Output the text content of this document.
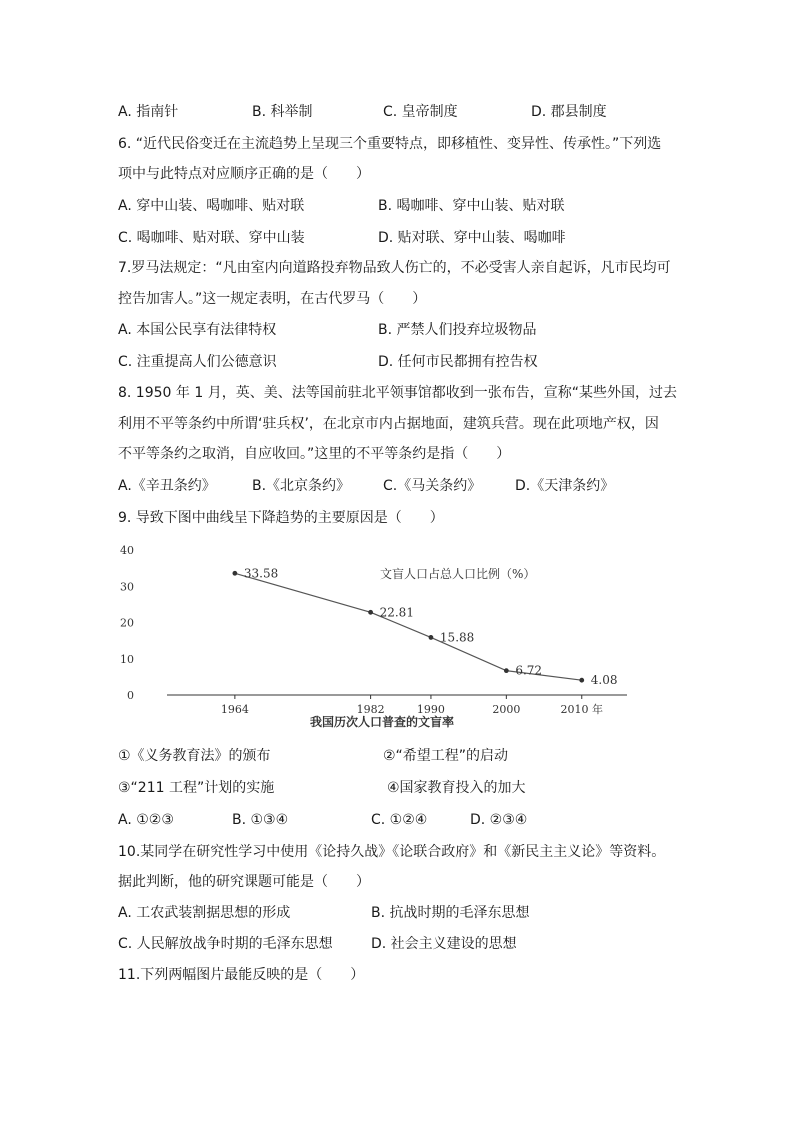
A. 指南针	B. 科举制	C. 皇帝制度	D. 郡县制度
6. “近代民俗变迁在主流趋势上呈现三个重要特点，即移植性、变异性、传承性。”下列选
项中与此特点对应顺序正确的是（　　）
A. 穿中山装、喝咖啡、贴对联	B. 喝咖啡、穿中山装、贴对联
C. 喝咖啡、贴对联、穿中山装	D. 贴对联、穿中山装、喝咖啡
7.罗马法规定：“凡由室内向道路投弃物品致人伤亡的，不必受害人亲自起诉，凡市民均可
控告加害人。”这一规定表明，在古代罗马（　　）
A. 本国公民享有法律特权	B. 严禁人们投弃垃圾物品
C. 注重提高人们公德意识	D. 任何市民都拥有控告权
8. 1950 年 1 月，英、美、法等国前驻北平领事馆都收到一张布告，宣称“某些外国，过去
利用不平等条约中所谓‘驻兵权’，在北京市内占据地面，建筑兵营。现在此项地产权，因
不平等条约之取消，自应收回。”这里的不平等条约是指（　　）
A.《辛丑条约》	B.《北京条约》 C.《马关条约》 D.《天津条约》
9. 导致下图中曲线呈下降趋势的主要原因是（　　）
0
10
20
30
40
1964	1982	1990	2000	2010 年
33.58
22.81
15.88
6.72
4.08
文盲人口占总人口比例（%）
我国历次人口普查的文盲率
①《义务教育法》的颁布	②“希望工程”的启动
③“211 工程”计划的实施	④国家教育投入的加大
A. ①②③	B. ①③④	C. ①②④	D. ②③④
10.某同学在研究性学习中使用《论持久战》《论联合政府》和《新民主主义论》等资料。
据此判断，他的研究课题可能是（　　）
A. 工农武装割据思想的形成	B. 抗战时期的毛泽东思想
C. 人民解放战争时期的毛泽东思想	D. 社会主义建设的思想
11.下列两幅图片最能反映的是（　　）
